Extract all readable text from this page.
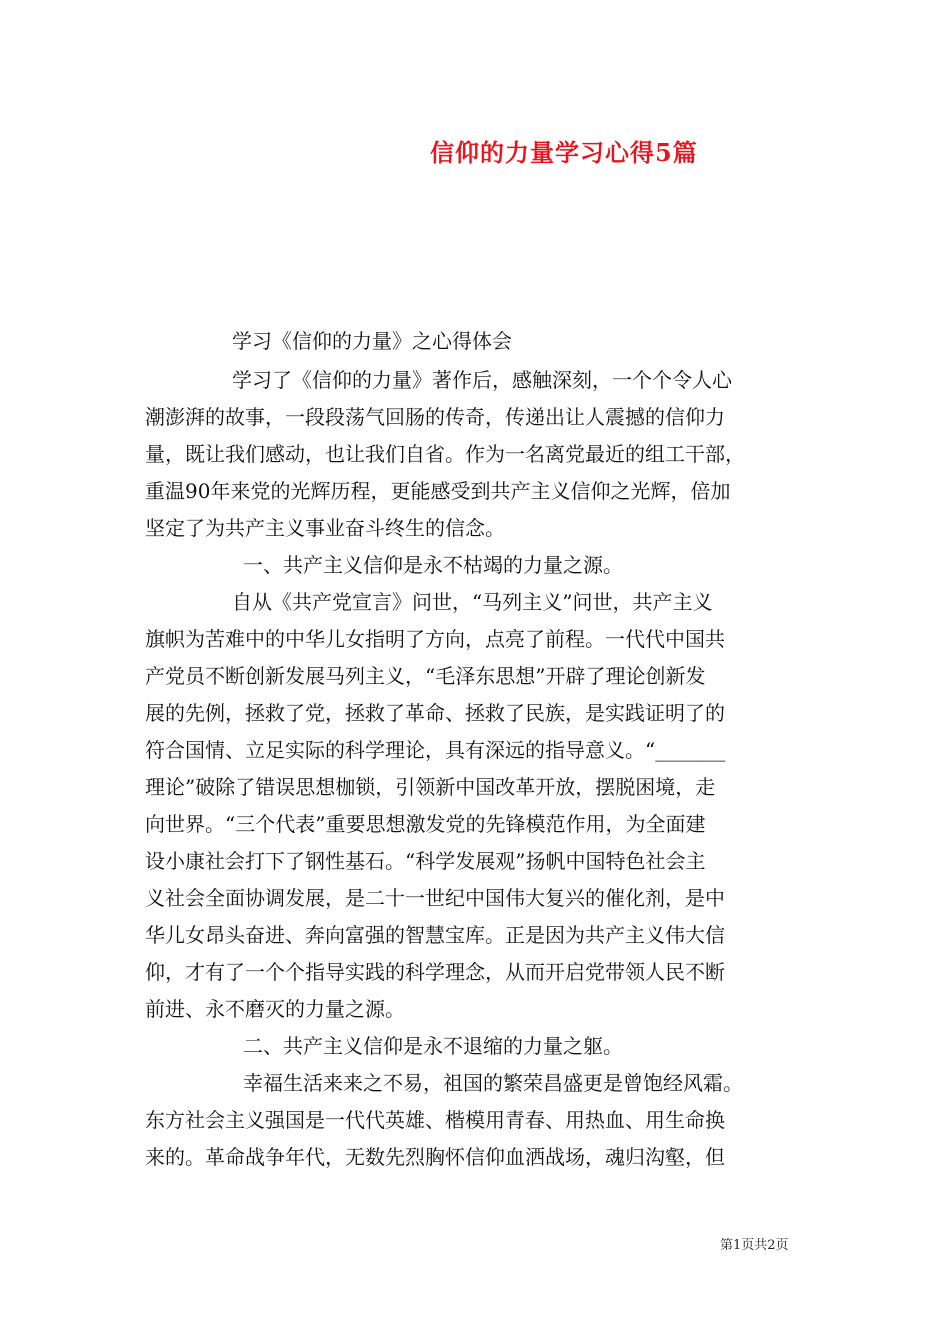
信仰的力量学习心得5篇
学习《信仰的力量》之心得体会
学习了《信仰的力量》著作后，感触深刻，一个个令人心
潮澎湃的故事，一段段荡气回肠的传奇，传递出让人震撼的信仰力
量，既让我们感动，也让我们自省。作为一名离党最近的组工干部，
重温90年来党的光辉历程，更能感受到共产主义信仰之光辉，倍加
坚定了为共产主义事业奋斗终生的信念。
一、共产主义信仰是永不枯竭的力量之源。
自从《共产党宣言》问世，“马列主义”问世，共产主义
旗帜为苦难中的中华儿女指明了方向，点亮了前程。一代代中国共
产党员不断创新发展马列主义，“毛泽东思想”开辟了理论创新发
展的先例，拯救了党，拯救了革命、拯救了民族，是实践证明了的
符合国情、立足实际的科学理论，具有深远的指导意义。“_______
理论”破除了错误思想枷锁，引领新中国改革开放，摆脱困境，走
向世界。“三个代表”重要思想激发党的先锋模范作用，为全面建
设小康社会打下了钢性基石。“科学发展观”扬帆中国特色社会主
义社会全面协调发展，是二十一世纪中国伟大复兴的催化剂，是中
华儿女昂头奋进、奔向富强的智慧宝库。正是因为共产主义伟大信
仰，才有了一个个指导实践的科学理念，从而开启党带领人民不断
前进、永不磨灭的力量之源。
二、共产主义信仰是永不退缩的力量之躯。
幸福生活来来之不易，祖国的繁荣昌盛更是曾饱经风霜。
东方社会主义强国是一代代英雄、楷模用青春、用热血、用生命换
来的。革命战争年代，无数先烈胸怀信仰血洒战场，魂归沟壑，但
第1页共2页
